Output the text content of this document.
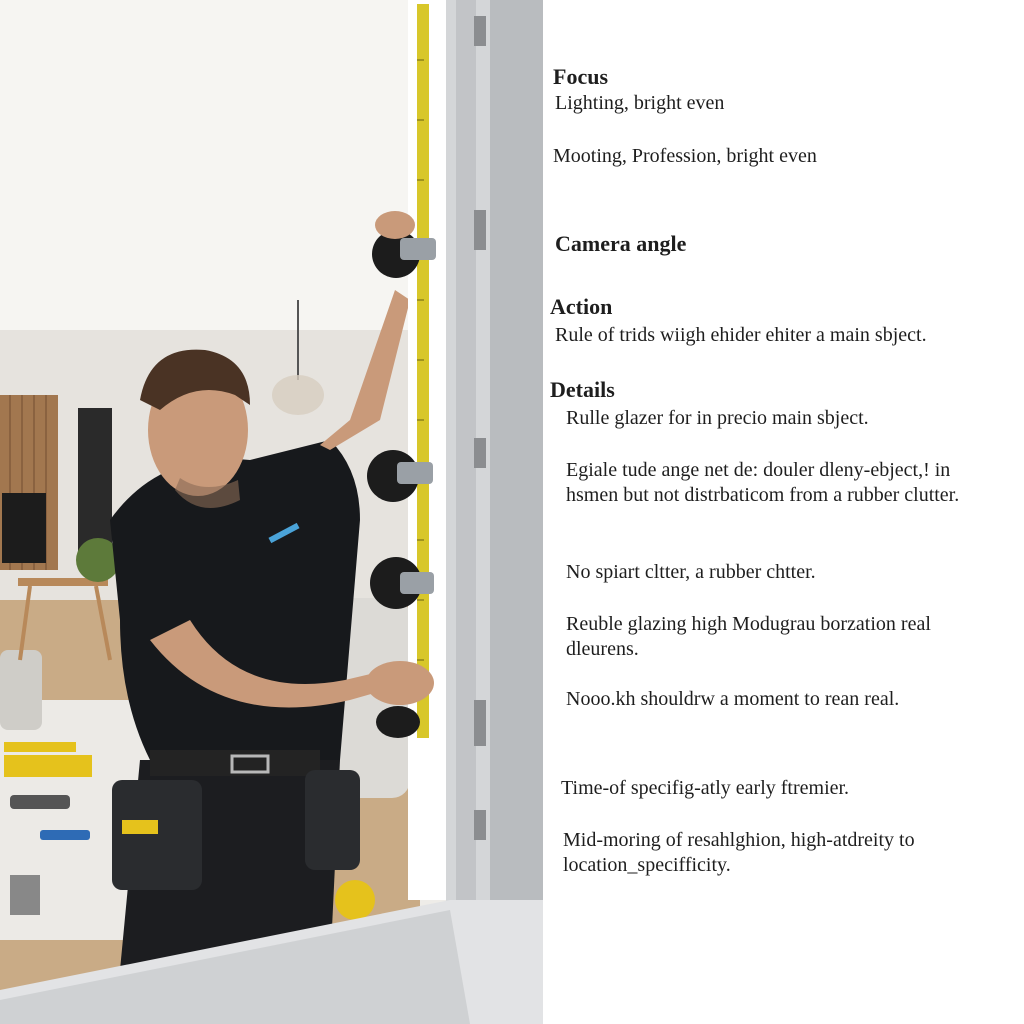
Focus
Lighting, bright even
Mooting, Profession, bright even
Camera angle
Action
Rule of trids wiigh ehider ehiter a main sbject.
Details
Rulle glazer for in precio main sbject.
Egiale tude ange net de: douler dleny-ebject,! in hsmen but not distrbaticom from a rubber clutter.
No spiart cltter, a rubber chtter.
Reuble glazing high Modugrau borzation real dleurens.
Nooo.kh shouldrw a moment to rean real.
Time-of specifig-atly early ftremier.
Mid-moring of resahlghion, high-atdreity to location_specifficity.
